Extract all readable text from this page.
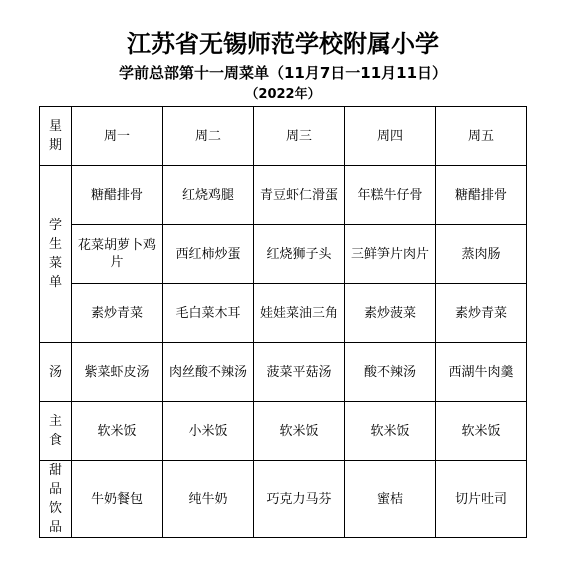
江苏省无锡师范学校附属小学
学前总部第十一周菜单（11月7日一11月11日）
（2022年）
星期	周一	周二	周三	周四	周五
学生菜单	糖醋排骨	红烧鸡腿	青豆虾仁滑蛋	年糕牛仔骨	糖醋排骨
	花菜胡萝卜鸡片	西红柿炒蛋	红烧狮子头	三鲜笋片肉片	蒸肉肠
	素炒青菜	毛白菜木耳	娃娃菜油三角	素炒菠菜	素炒青菜
汤	紫菜虾皮汤	肉丝酸不辣汤	菠菜平菇汤	酸不辣汤	西湖牛肉羹
主食	软米饭	小米饭	软米饭	软米饭	软米饭
甜品饮品	牛奶餐包	纯牛奶	巧克力马芬	蜜桔	切片吐司
